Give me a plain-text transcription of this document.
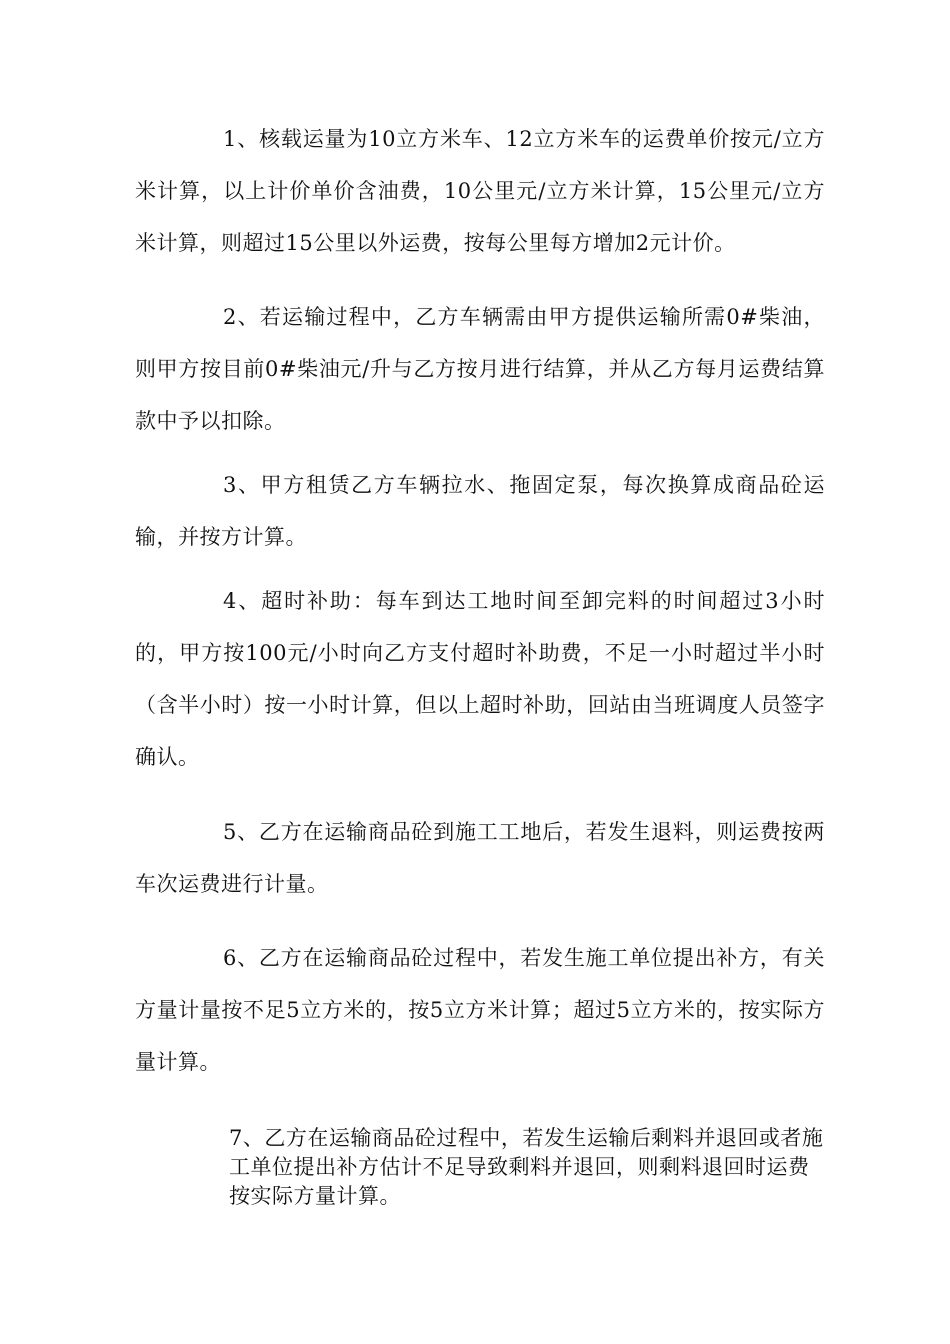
1、核载运量为10立方米车、12立方米车的运费单价按元/立方米计算，以上计价单价含油费，10公里元/立方米计算，15公里元/立方米计算，则超过15公里以外运费，按每公里每方增加2元计价。

2、若运输过程中，乙方车辆需由甲方提供运输所需0#柴油，则甲方按目前0#柴油元/升与乙方按月进行结算，并从乙方每月运费结算款中予以扣除。

3、甲方租赁乙方车辆拉水、拖固定泵，每次换算成商品砼运输，并按方计算。

4、超时补助：每车到达工地时间至卸完料的时间超过3小时的，甲方按100元/小时向乙方支付超时补助费，不足一小时超过半小时（含半小时）按一小时计算，但以上超时补助，回站由当班调度人员签字确认。

5、乙方在运输商品砼到施工工地后，若发生退料，则运费按两车次运费进行计量。

6、乙方在运输商品砼过程中，若发生施工单位提出补方，有关方量计量按不足5立方米的，按5立方米计算；超过5立方米的，按实际方量计算。

7、乙方在运输商品砼过程中，若发生运输后剩料并退回或者施工单位提出补方估计不足导致剩料并退回，则剩料退回时运费按实际方量计算。
